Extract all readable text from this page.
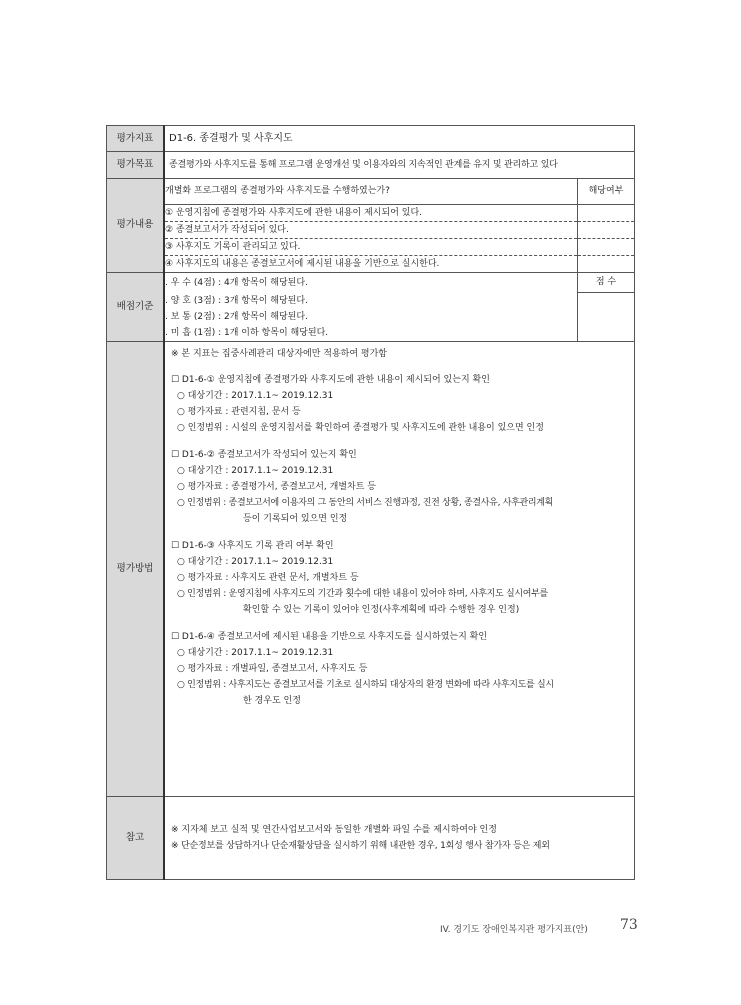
평가지표	D1-6. 종결평가 및 사후지도
평가목표	종결평가와 사후지도를 통해 프로그램 운영개선 및 이용자와의 지속적인 관계를 유지 및 관리하고 있다
평가내용	
개별화 프로그램의 종결평가와 사후지도를 수행하였는가?	해당여부
① 운영지침에 종결평가와 사후지도에 관한 내용이 제시되어 있다.	
② 종결보고서가 작성되어 있다.	
③ 사후지도 기록이 관리되고 있다.	
④ 사후지도의 내용은 종결보고서에 제시된 내용을 기반으로 실시한다.	

배점기준	
. 우 수 (4점) : 4개 항목이 해당된다.	점 수
. 양 호 (3점) : 3개 항목이 해당된다.	
. 보 통 (2점) : 2개 항목이 해당된다.
. 미 흡 (1점) : 1개 이하 항목이 해당된다.

평가방법	
※ 본 지표는 집중사례관리 대상자에만 적용하여 평가함
☐ D1-6-① 운영지침에 종결평가와 사후지도에 관한 내용이 제시되어 있는지 확인
○ 대상기간 : 2017.1.1~ 2019.12.31
○ 평가자료 : 관련지침, 문서 등
○ 인정범위 : 시설의 운영지침서를 확인하여 종결평가 및 사후지도에 관한 내용이 있으면 인정
☐ D1-6-② 종결보고서가 작성되어 있는지 확인
○ 대상기간 : 2017.1.1~ 2019.12.31
○ 평가자료 : 종결평가서, 종결보고서, 개별차트 등
○ 인정범위 : 종결보고서에 이용자의 그 동안의 서비스 진행과정, 진전 상황, 종결사유, 사후관리계획
등이 기록되어 있으면 인정
☐ D1-6-③ 사후지도 기록 관리 여부 확인
○ 대상기간 : 2017.1.1~ 2019.12.31
○ 평가자료 : 사후지도 관련 문서, 개별차트 등
○ 인정범위 : 운영지침에 사후지도의 기간과 횟수에 대한 내용이 있어야 하며, 사후지도 실시여부를
확인할 수 있는 기록이 있어야 인정(사후계획에 따라 수행한 경우 인정)
☐ D1-6-④ 종결보고서에 제시된 내용을 기반으로 사후지도를 실시하였는지 확인
○ 대상기간 : 2017.1.1~ 2019.12.31
○ 평가자료 : 개별파일, 종결보고서, 사후지도 등
○ 인정범위 : 사후지도는 종결보고서를 기초로 실시하되 대상자의 환경 변화에 따라 사후지도를 실시
한 경우도 인정

참고	
※ 지자체 보고 실적 및 연간사업보고서와 동일한 개별화 파일 수를 제시하여야 인정
※ 단순정보를 상담하거나 단순재활상담을 실시하기 위해 내관한 경우, 1회성 행사 참가자 등은 제외
IV. 경기도 장애인복지관 평가지표(안) 73
